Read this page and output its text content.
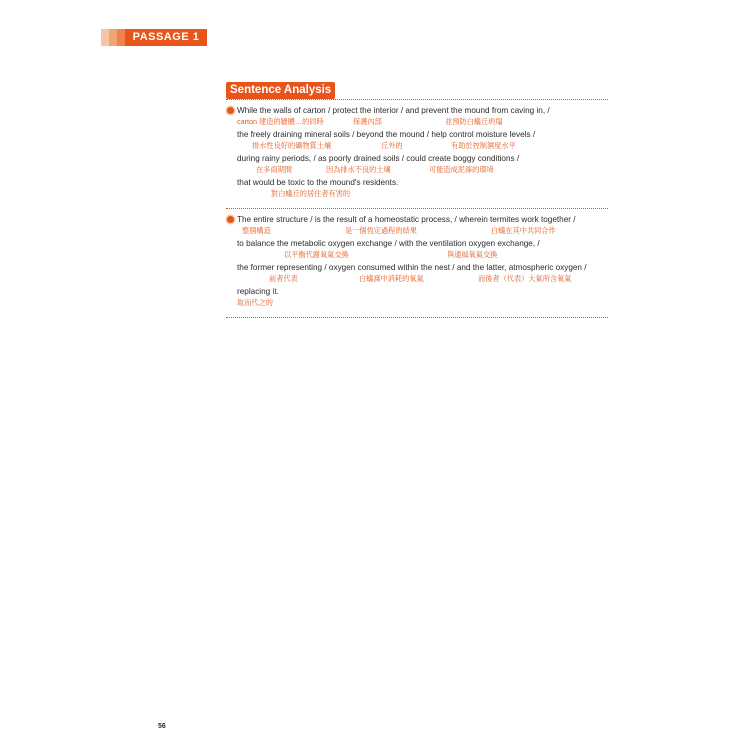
PASSAGE 1
Sentence Analysis
While the walls of carton / protect the interior / and prevent the mound from caving in, /
carton 建造的牆體…的同時	保護內部	並預防白蟻丘坍塌
the freely draining mineral soils / beyond the mound / help control moisture levels /
排水性良好的礦物質土壤	丘外的	有助於控制濕度水平
during rainy periods, / as poorly drained soils / could create boggy conditions /
在多雨期間	因為排水不良的土壤	可能造成泥濘的環境
that would be toxic to the mound's residents.
對白蟻丘的居住者有害的
The entire structure / is the result of a homeostatic process, / wherein termites work together /
整個構造	是一個恆定過程的結果	白蟻在其中共同合作
to balance the metabolic oxygen exchange / with the ventilation oxygen exchange, /
以平衡代謝氧氣交換	與通風氧氣交換
the former representing / oxygen consumed within the nest / and the latter, atmospheric oxygen /
前者代表	白蟻窩中消耗的氧氣	而後者（代表）大氣所含氧氣
replacing it.
取而代之的
56
